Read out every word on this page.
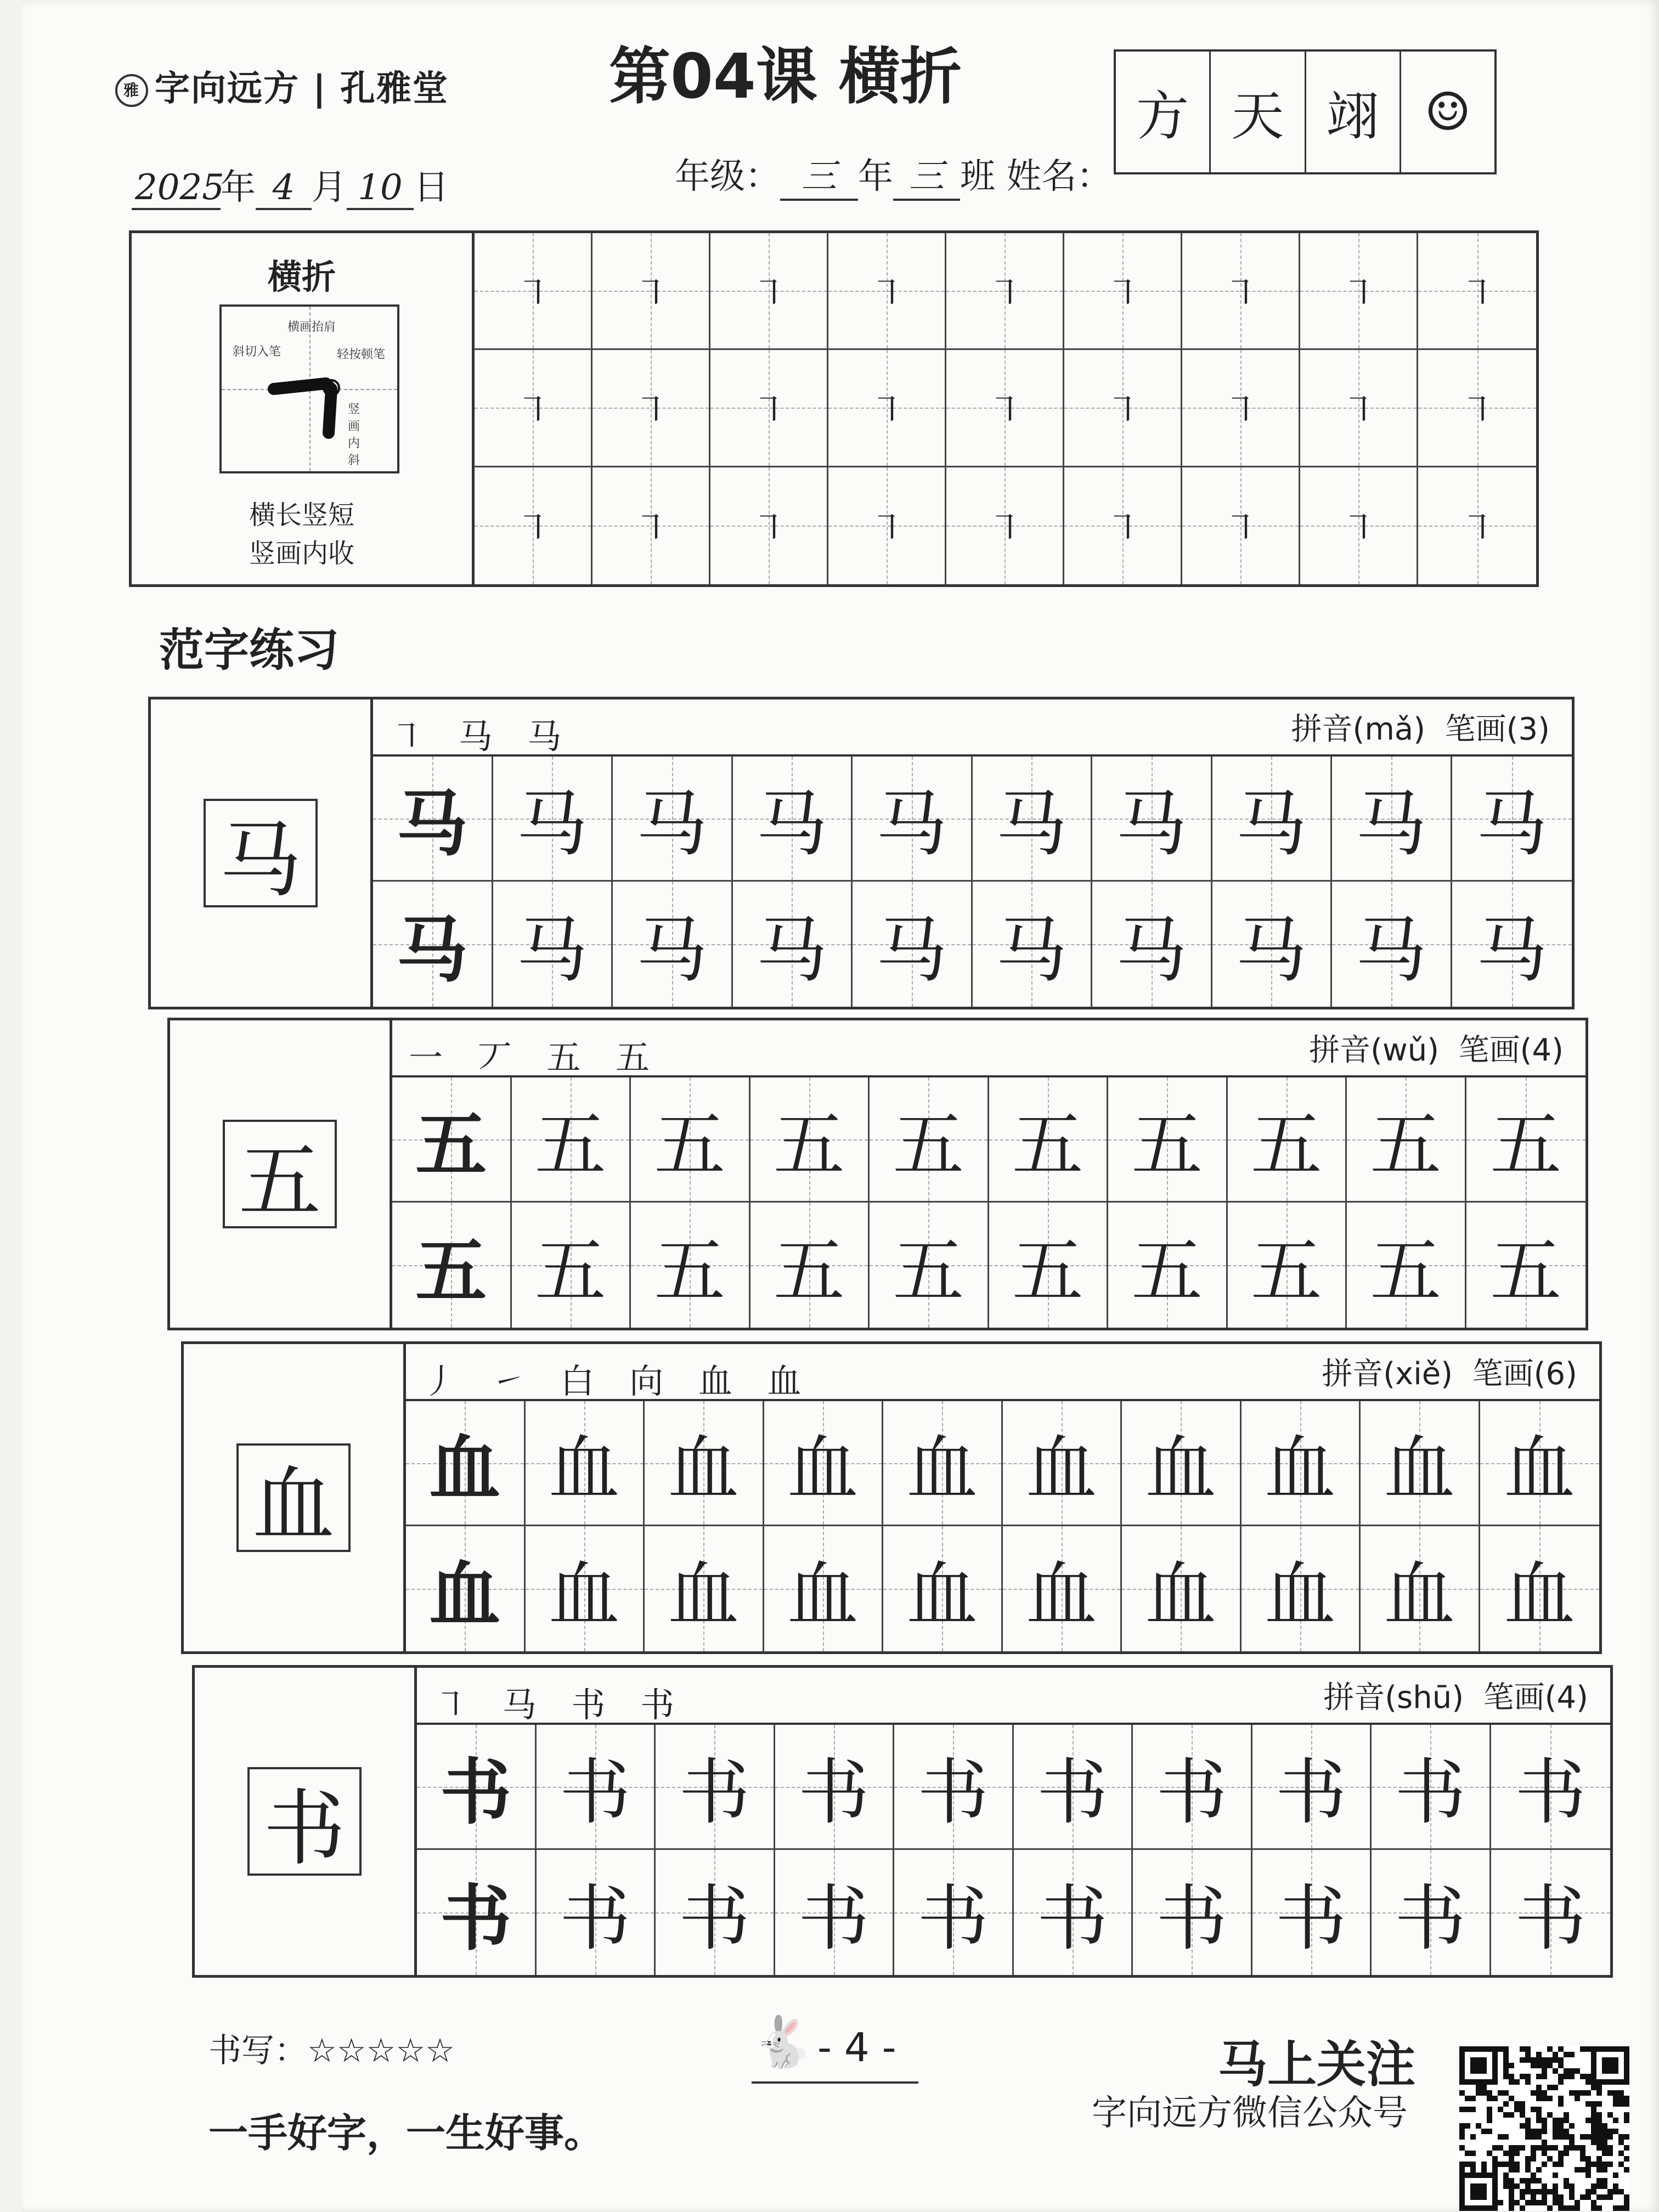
雅 字向远方 | 孔雅堂	第04课 横折
2025年 4 月 10 日	年级： 三 年 三 班 姓名：
方 天 翊 ☺
横折
横画抬肩
斜切入笔	轻按顿笔
竖画内斜
横长竖短
竖画内收
㇕ ㇕ ㇕ ㇕ ㇕ ㇕ ㇕ ㇕ ㇕
㇕ ㇕ ㇕ ㇕ ㇕ ㇕ ㇕ ㇕ ㇕
㇕ ㇕ ㇕ ㇕ ㇕ ㇕ ㇕ ㇕ ㇕
范字练习
马
㇕ 马 马	拼音(mǎ) 笔画(3)
马 马 马 马 马 马 马 马 马 马
马 马 马 马 马 马 马 马 马 马
五
一 丆 五 五	拼音(wǔ) 笔画(4)
五 五 五 五 五 五 五 五 五 五
五 五 五 五 五 五 五 五 五 五
血
丿 ㇀ 白 向 血 血	拼音(xiě) 笔画(6)
血 血 血 血 血 血 血 血 血 血
血 血 血 血 血 血 血 血 血 血
书
㇕ 马 书 书	拼音(shū) 笔画(4)
书 书 书 书 书 书 书 书 书 书
书 书 书 书 书 书 书 书 书 书
书写：☆☆☆☆☆
一手好字，一生好事。
🐇 - 4 -	马上关注
字向远方微信公众号
